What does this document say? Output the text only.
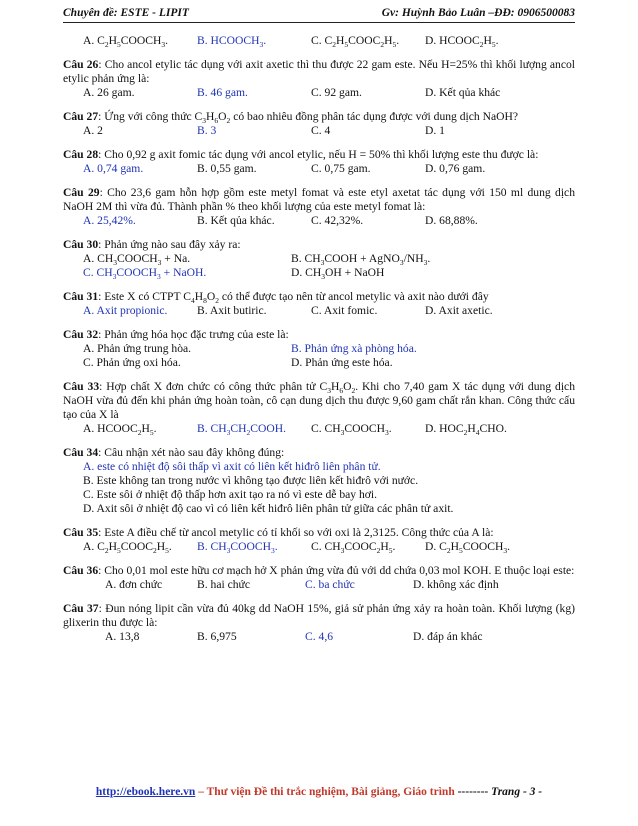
Chuyên đề: ESTE - LIPIT	Gv: Huỳnh Bảo Luân –ĐĐ: 0906500083
A. $C_2H_5COOCH_3$.	B. $HCOOCH_3$.	C. $C_2H_5COOC_2H_5$.	D. $HCOOC_2H_5$.

Câu 26: Cho ancol etylic tác dụng với axit axetic thì thu được 22 gam este. Nếu H=25% thì khối lượng ancol etylic phản ứng là:

A. 26 gam.	B. 46 gam.	C. 92 gam.	D. Kết qủa khác

Câu 27: Ứng với công thức $C_3H_6O_2$ có bao nhiêu đồng phân tác dụng được với dung dịch NaOH?

A. 2	B. 3	C. 4	D. 1

Câu 28: Cho 0,92 g axit fomic tác dụng với ancol etylic, nếu H = 50% thì khối lượng este thu được là:

A. 0,74 gam.	B. 0,55 gam.	C. 0,75 gam.	D. 0,76 gam.

Câu 29: Cho 23,6 gam hỗn hợp gồm este metyl fomat và este etyl axetat tác dụng với 150 ml dung dịch NaOH 2M thì vừa đủ. Thành phần % theo khối lượng của este metyl fomat là:

A. 25,42%.	B. Kết qủa khác.	C. 42,32%.	D. 68,88%.

Câu 30: Phản ứng nào sau đây xảy ra:

A. $CH_3COOCH_3 + Na$.	B. $CH_3COOH$ + $AgNO_3/NH_3$.
C. $CH_3COOCH_3$ + NaOH.	D. $CH_3OH$ + NaOH

Câu 31: Este X có CTPT $C_4H_8O_2$ có thể được tạo nên từ ancol metylic và axit nào dưới đây

A. Axit propionic.	B. Axit butiric.	C. Axit fomic.	D. Axit axetic.

Câu 32: Phản ứng hóa học đặc trưng của este là:

A. Phản ứng trung hòa.	B. Phản ứng xà phòng hóa.
C. Phản ứng oxi hóa.	D. Phản ứng este hóa.

Câu 33: Hợp chất X đơn chức có công thức phân tử $C_3H_6O_2$. Khi cho 7,40 gam X tác dụng với dung dịch NaOH vừa đủ đến khi phản ứng hoàn toàn, cô cạn dung dịch thu được 9,60 gam chất rắn khan. Công thức cấu tạo của X là

A. $HCOOC_2H_5$.	B. $CH_3CH_2COOH$.	C. $CH_3COOCH_3$.	D. $HOC_2H_4CHO$.

Câu 34: Câu nhận xét nào sau đây không đúng:

A. este có nhiệt độ sôi thấp vì axit có liên kết hiđrô liên phân tử.
B. Este không tan trong nước vì không tạo được liên kết hiđrô với nước.
C. Este sôi ở nhiệt độ thấp hơn axit tạo ra nó vì este dễ bay hơi.
D. Axit sôi ở nhiệt độ cao vì có liên kết hiđrô liên phân tử giữa các phân tử axit.

Câu 35: Este A điều chế từ ancol metylic có tỉ khối so với oxi là 2,3125. Công thức của A là:

A. $C_2H_5COOC_2H_5$.	B. $CH_3COOCH_3$.	C. $CH_3COOC_2H_5$.	D. $C_2H_5COOCH_3$.

Câu 36: Cho 0,01 mol este hữu cơ mạch hở X phản ứng vừa đủ với dd chứa 0,03 mol KOH. E thuộc loại este:

A. đơn chức	B. hai chức	C. ba chức	D. không xác định

Câu 37: Đun nóng lipit cần vừa đủ 40kg dd NaOH 15%, giả sử phản ứng xảy ra hoàn toàn. Khối lượng (kg) glixerin thu được là:

A. 13,8	B. 6,975	C. 4,6	D. đáp án khác
http://ebook.here.vn – Thư viện Đề thi trắc nghiệm, Bài giảng, Giáo trình -------- Trang - 3 -
